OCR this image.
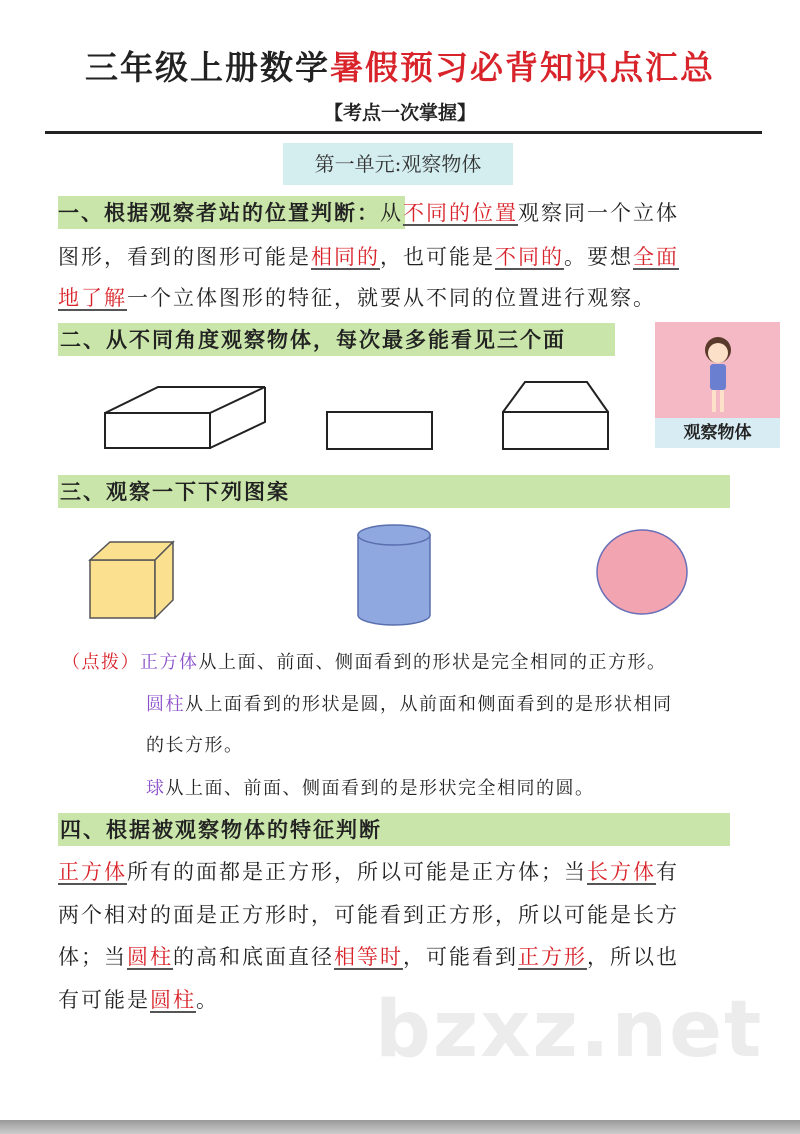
三年级上册数学暑假预习必背知识点汇总
【考点一次掌握】
第一单元:观察物体
一、根据观察者站的位置判断：从不同的位置观察同一个立体
图形，看到的图形可能是相同的，也可能是不同的。要想全面
地了解一个立体图形的特征，就要从不同的位置进行观察。
二、从不同角度观察物体，每次最多能看见三个面
观察物体
三、观察一下下列图案
（点拨）正方体从上面、前面、侧面看到的形状是完全相同的正方形。
圆柱从上面看到的形状是圆，从前面和侧面看到的是形状相同
的长方形。
球从上面、前面、侧面看到的是形状完全相同的圆。
四、根据被观察物体的特征判断
正方体所有的面都是正方形，所以可能是正方体；当长方体有
两个相对的面是正方形时，可能看到正方形，所以可能是长方
体；当圆柱的高和底面直径相等时，可能看到正方形，所以也
有可能是圆柱。 bzxz.net
